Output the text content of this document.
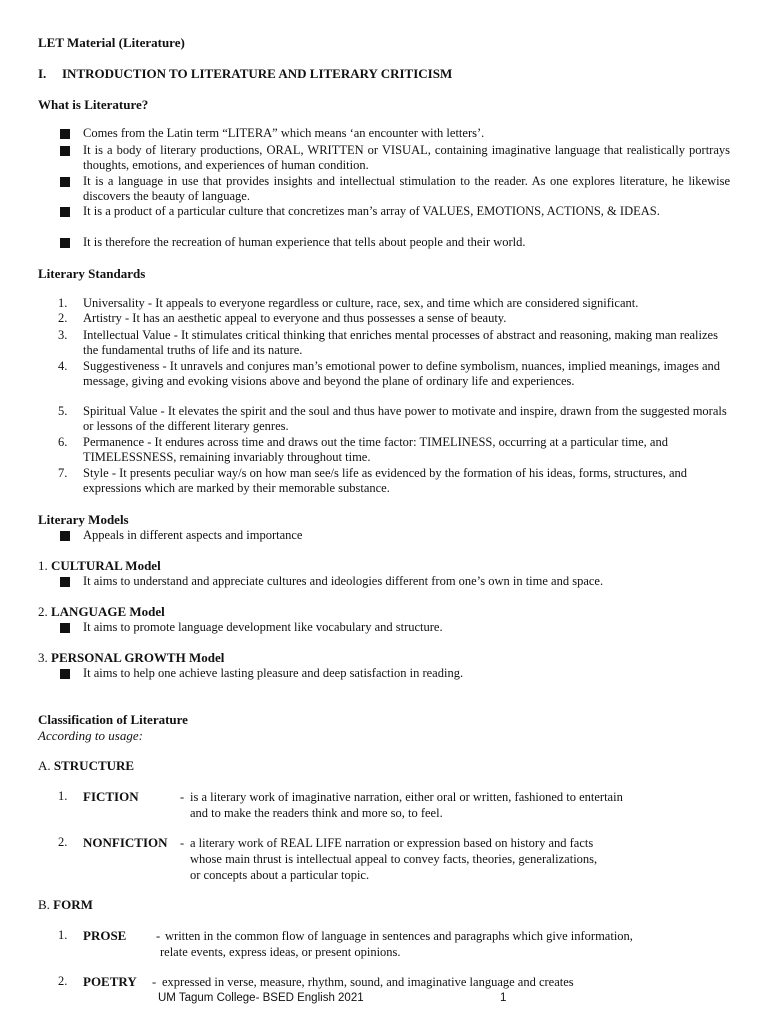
LET Material (Literature)
I. INTRODUCTION TO LITERATURE AND LITERARY CRITICISM
What is Literature?
Comes from the Latin term “LITERA” which means ‘an encounter with letters’.
It is a body of literary productions, ORAL, WRITTEN or VISUAL, containing imaginative language that realistically portrays thoughts, emotions, and experiences of human condition.
It is a language in use that provides insights and intellectual stimulation to the reader. As one explores literature, he likewise discovers the beauty of language.
It is a product of a particular culture that concretizes man’s array of VALUES, EMOTIONS, ACTIONS, & IDEAS.
It is therefore the recreation of human experience that tells about people and their world.
Literary Standards
1. Universality - It appeals to everyone regardless or culture, race, sex, and time which are considered significant.
2. Artistry - It has an aesthetic appeal to everyone and thus possesses a sense of beauty.
3. Intellectual Value - It stimulates critical thinking that enriches mental processes of abstract and reasoning, making man realizes the fundamental truths of life and its nature.
4. Suggestiveness - It unravels and conjures man’s emotional power to define symbolism, nuances, implied meanings, images and message, giving and evoking visions above and beyond the plane of ordinary life and experiences.
5. Spiritual Value - It elevates the spirit and the soul and thus have power to motivate and inspire, drawn from the suggested morals or lessons of the different literary genres.
6. Permanence - It endures across time and draws out the time factor: TIMELINESS, occurring at a particular time, and TIMELESSNESS, remaining invariably throughout time.
7. Style - It presents peculiar way/s on how man see/s life as evidenced by the formation of his ideas, forms, structures, and expressions which are marked by their memorable substance.
Literary Models
Appeals in different aspects and importance
1. CULTURAL Model
It aims to understand and appreciate cultures and ideologies different from one’s own in time and space.
2. LANGUAGE Model
It aims to promote language development like vocabulary and structure.
3. PERSONAL GROWTH Model
It aims to help one achieve lasting pleasure and deep satisfaction in reading.
Classification of Literature
According to usage:
A. STRUCTURE
1. FICTION	- is a literary work of imaginative narration, either oral or written, fashioned to entertain
and to make the readers think and more so, to feel.
2. NONFICTION - a literary work of REAL LIFE narration or expression based on history and facts
whose main thrust is intellectual appeal to convey facts, theories, generalizations,
or concepts about a particular topic.
B. FORM
1. PROSE - written in the common flow of language in sentences and paragraphs which give information,
relate events, express ideas, or present opinions.
2. POETRY - expressed in verse, measure, rhythm, sound, and imaginative language and creates
UM Tagum College- BSED English 2021	1
